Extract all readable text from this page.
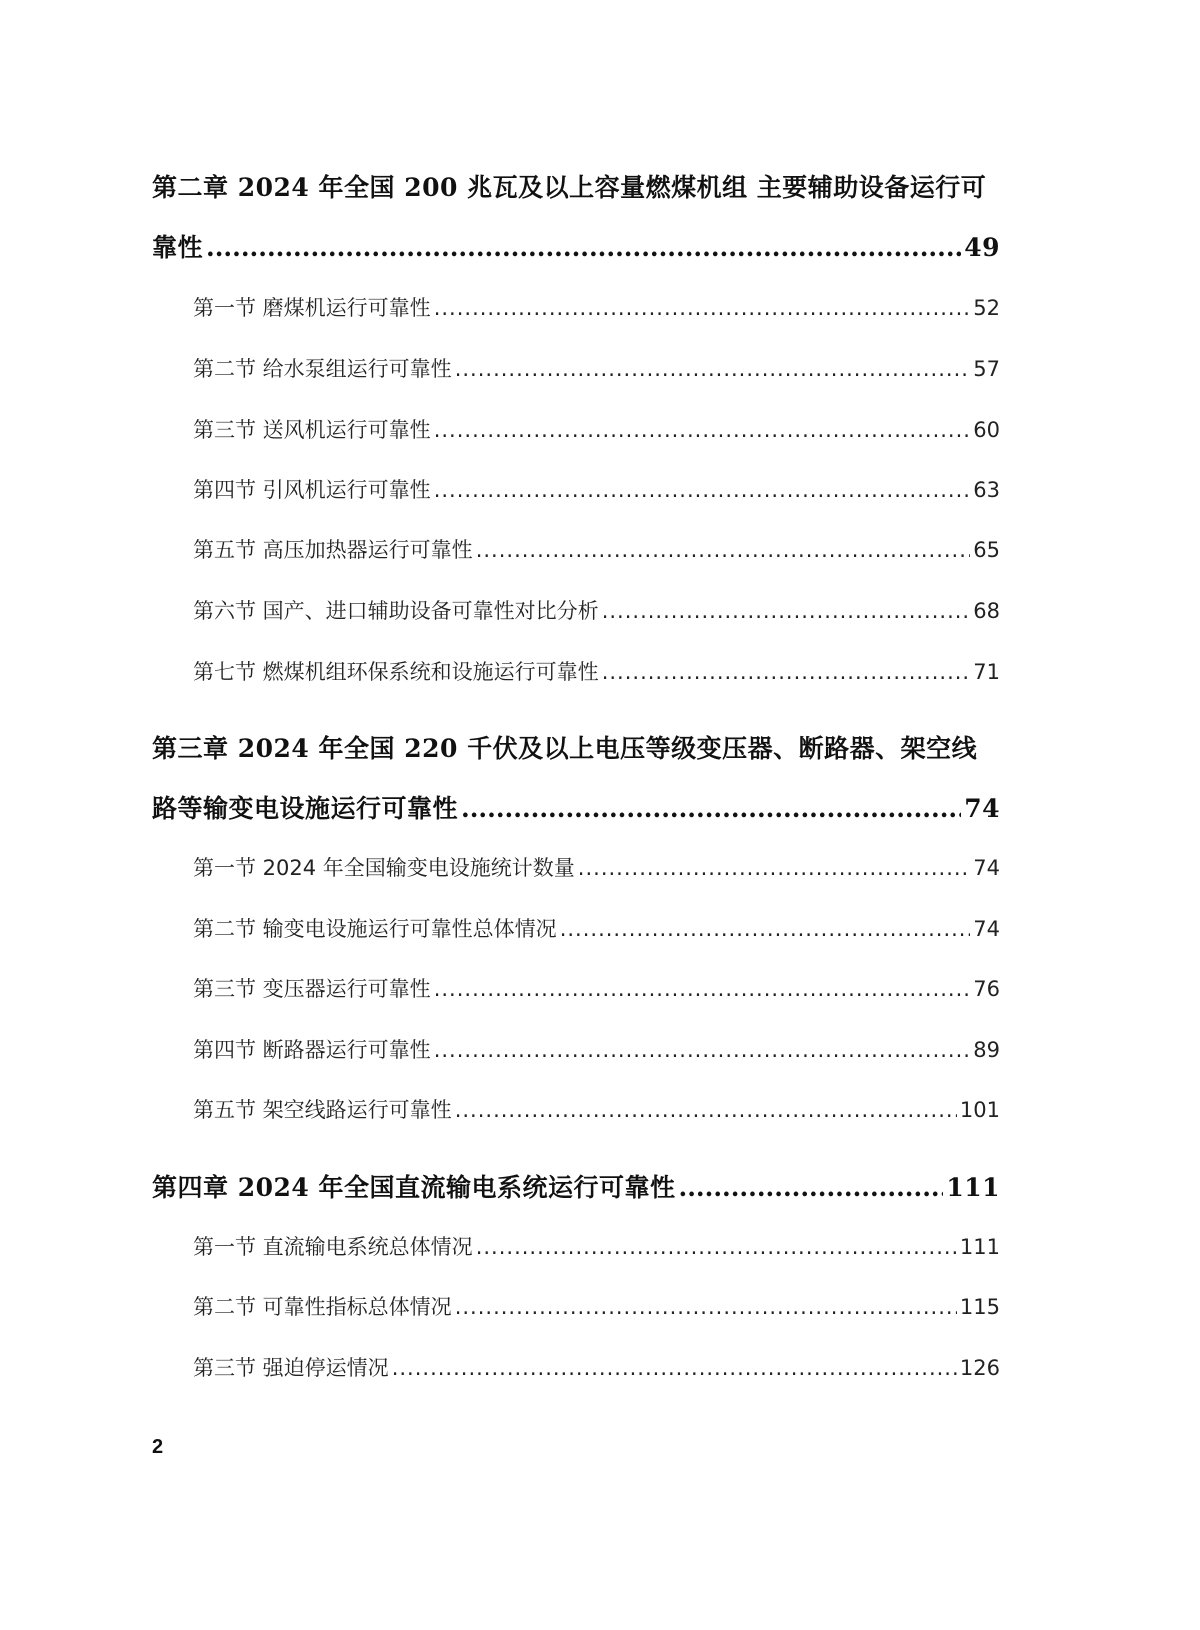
第二章 2024 年全国 200 兆瓦及以上容量燃煤机组 主要辅助设备运行可
靠性 .....	49
第一节 磨煤机运行可靠性 .....	52
第二节 给水泵组运行可靠性 .....	57
第三节 送风机运行可靠性 .....	60
第四节 引风机运行可靠性 .....	63
第五节 高压加热器运行可靠性 .....	65
第六节 国产、进口辅助设备可靠性对比分析 .....	68
第七节 燃煤机组环保系统和设施运行可靠性 .....	71
第三章 2024 年全国 220 千伏及以上电压等级变压器、断路器、架空线
路等输变电设施运行可靠性 .....	74
第一节 2024 年全国输变电设施统计数量 .....	74
第二节 输变电设施运行可靠性总体情况 .....	74
第三节 变压器运行可靠性 .....	76
第四节 断路器运行可靠性 .....	89
第五节 架空线路运行可靠性 .....	101
第四章 2024 年全国直流输电系统运行可靠性 .....	111
第一节 直流输电系统总体情况 .....	111
第二节 可靠性指标总体情况 .....	115
第三节 强迫停运情况 .....	126
2
